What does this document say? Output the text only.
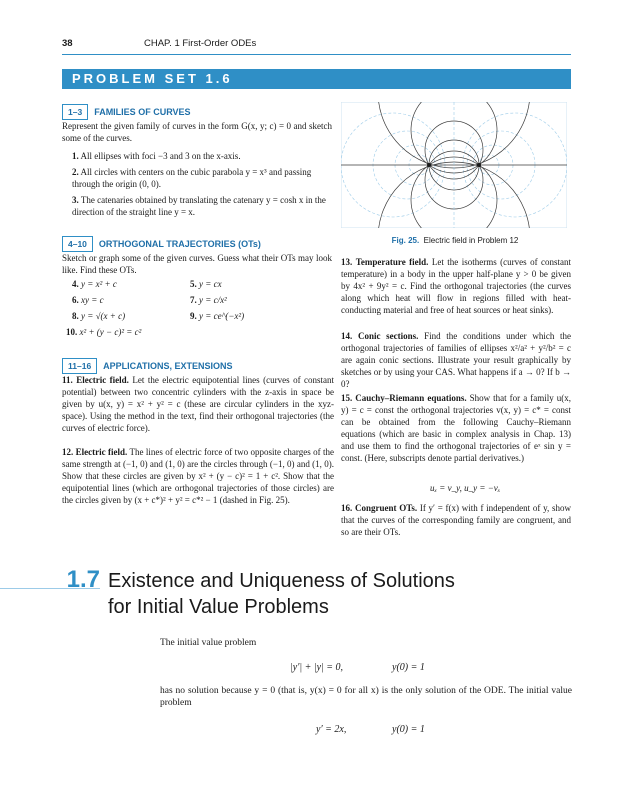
38	CHAP. 1 First-Order ODEs
PROBLEM SET 1.6
1–3 FAMILIES OF CURVES
Represent the given family of curves in the form G(x, y; c) = 0 and sketch some of the curves.
1. All ellipses with foci −3 and 3 on the x-axis.
2. All circles with centers on the cubic parabola y = x³ and passing through the origin (0, 0).
3. The catenaries obtained by translating the catenary y = cosh x in the direction of the straight line y = x.
4–10 ORTHOGONAL TRAJECTORIES (OTs)
Sketch or graph some of the given curves. Guess what their OTs may look like. Find these OTs.
4. y = x² + c	5. y = cx
6. xy = c	7. y = c/x²
8. y = √(x + c)	9. y = ce^(−x²)
10. x² + (y − c)² = c²
11–16 APPLICATIONS, EXTENSIONS
11. Electric field. Let the electric equipotential lines (curves of constant potential) between two concentric cylinders with the z-axis in space be given by u(x, y) = x² + y² = c (these are circular cylinders in the xyz-space). Using the method in the text, find their orthogonal trajectories (the curves of electric force).
12. Electric field. The lines of electric force of two opposite charges of the same strength at (−1, 0) and (1, 0) are the circles through (−1, 0) and (1, 0). Show that these circles are given by x² + (y − c)² = 1 + c². Show that the equipotential lines (which are orthogonal trajectories of those circles) are the circles given by (x + c*)² + y² = c*² − 1 (dashed in Fig. 25).
Fig. 25. Electric field in Problem 12
13. Temperature field. Let the isotherms (curves of constant temperature) in a body in the upper half-plane y > 0 be given by 4x² + 9y² = c. Find the orthogonal trajectories (the curves along which heat will flow in regions filled with heat-conducting material and free of heat sources or heat sinks).
14. Conic sections. Find the conditions under which the orthogonal trajectories of families of ellipses x²/a² + y²/b² = c are again conic sections. Illustrate your result graphically by sketches or by using your CAS. What happens if a → 0? If b → 0?
15. Cauchy–Riemann equations. Show that for a family u(x, y) = c = const the orthogonal trajectories v(x, y) = c* = const can be obtained from the following Cauchy–Riemann equations (which are basic in complex analysis in Chap. 13) and use them to find the orthogonal trajectories of eˣ sin y = const. (Here, subscripts denote partial derivatives.)
uₓ = v_y, u_y = −vₓ
16. Congruent OTs. If y′ = f(x) with f independent of y, show that the curves of the corresponding family are congruent, and so are their OTs.
1.7 Existence and Uniqueness of Solutions
for Initial Value Problems
The initial value problem
|y′| + |y| = 0,	y(0) = 1
has no solution because y = 0 (that is, y(x) = 0 for all x) is the only solution of the ODE. The initial value problem
y′ = 2x,	y(0) = 1
